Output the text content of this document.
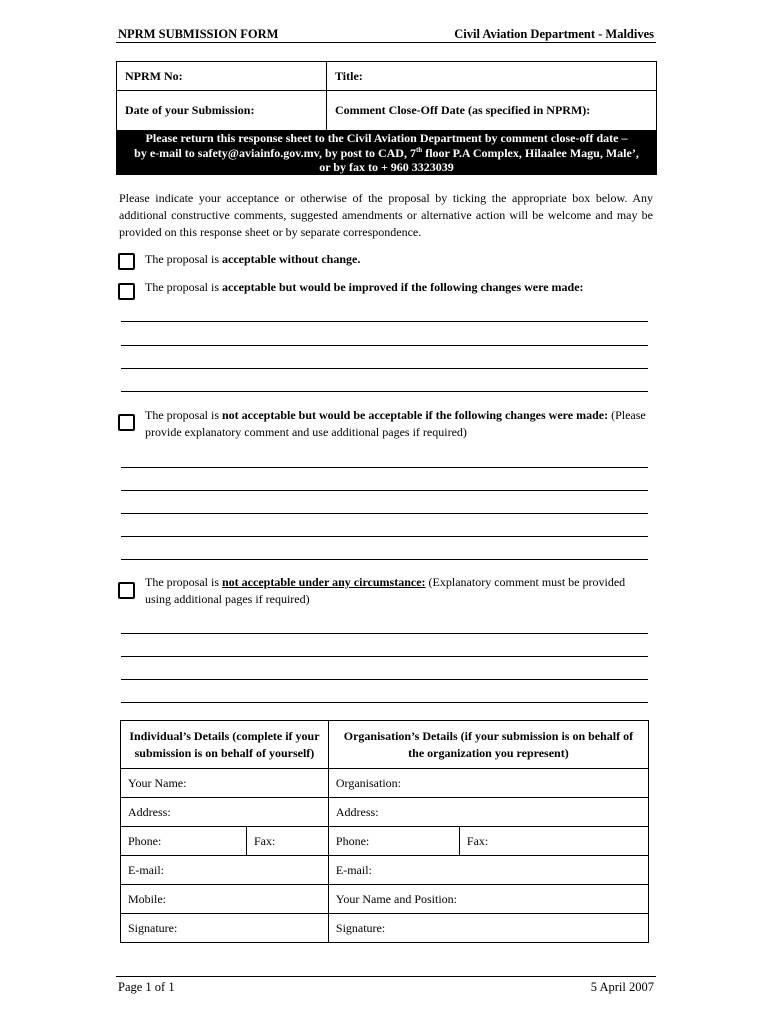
NPRM SUBMISSION FORM	Civil Aviation Department - Maldives
NPRM No:	Title:
Date of your Submission:	Comment Close-Off Date (as specified in NPRM):
Please return this response sheet to the Civil Aviation Department by comment close-off date –
by e-mail to safety@aviainfo.gov.mv, by post to CAD, 7th floor P.A Complex, Hilaalee Magu, Male’,
or by fax to + 960 3323039
Please indicate your acceptance or otherwise of the proposal by ticking the appropriate box below. Any additional constructive comments, suggested amendments or alternative action will be welcome and may be provided on this response sheet or by separate correspondence.
The proposal is acceptable without change.
The proposal is acceptable but would be improved if the following changes were made:
The proposal is not acceptable but would be acceptable if the following changes were made: (Please provide explanatory comment and use additional pages if required)
The proposal is not acceptable under any circumstance: (Explanatory comment must be provided using additional pages if required)
Individual’s Details (complete if your submission is on behalf of yourself)		Organisation’s Details (if your submission is on behalf of the organization you represent)	
Your Name:		Organisation:	
Address:		Address:	
Phone:	Fax:	Phone:	Fax:
E-mail:		E-mail:	
Mobile:		Your Name and Position:	
Signature:		Signature:	
Page 1 of 1	5 April 2007
